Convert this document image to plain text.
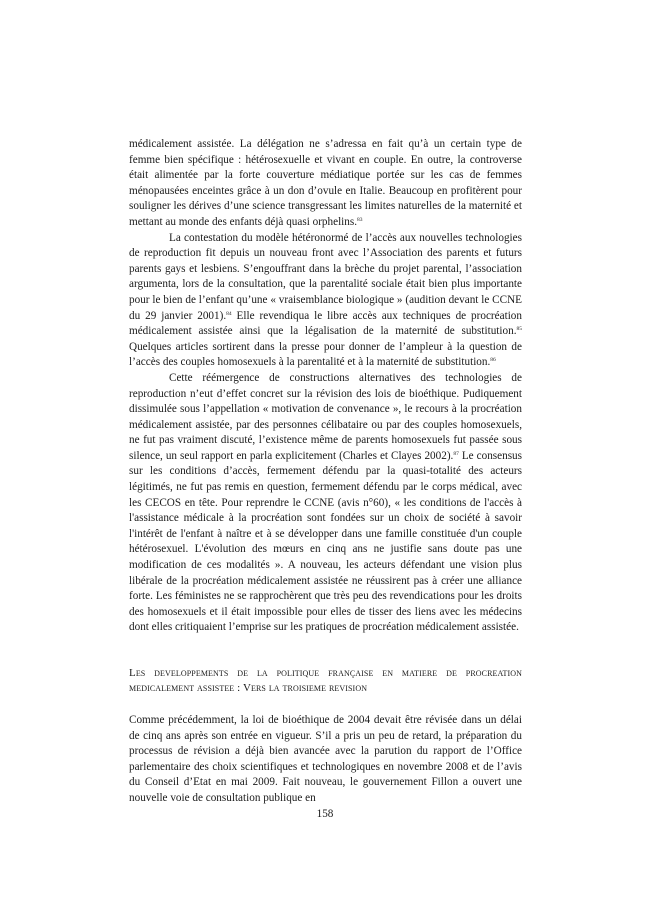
médicalement assistée. La délégation ne s’adressa en fait qu’à un certain type de femme bien spécifique : hétérosexuelle et vivant en couple. En outre, la controverse était alimentée par la forte couverture médiatique portée sur les cas de femmes ménopausées enceintes grâce à un don d’ovule en Italie. Beaucoup en profitèrent pour souligner les dérives d’une science transgressant les limites naturelles de la maternité et mettant au monde des enfants déjà quasi orphelins.$^{83}$

La contestation du modèle hétéronormé de l’accès aux nouvelles technologies de reproduction fit depuis un nouveau front avec l’Association des parents et futurs parents gays et lesbiens. S’engouffrant dans la brèche du projet parental, l’association argumenta, lors de la consultation, que la parentalité sociale était bien plus importante pour le bien de l’enfant qu’une « vraisemblance biologique » (audition devant le CCNE du 29 janvier 2001).$^{84}$ Elle revendiqua le libre accès aux techniques de procréation médicalement assistée ainsi que la légalisation de la maternité de substitution.$^{85}$ Quelques articles sortirent dans la presse pour donner de l’ampleur à la question de l’accès des couples homosexuels à la parentalité et à la maternité de substitution.$^{86}$

Cette réémergence de constructions alternatives des technologies de reproduction n’eut d’effet concret sur la révision des lois de bioéthique. Pudiquement dissimulée sous l’appellation « motivation de convenance », le recours à la procréation médicalement assistée, par des personnes célibataire ou par des couples homosexuels, ne fut pas vraiment discuté, l’existence même de parents homosexuels fut passée sous silence, un seul rapport en parla explicitement (Charles et Clayes 2002).$^{87}$ Le consensus sur les conditions d’accès, fermement défendu par la quasi-totalité des acteurs légitimés, ne fut pas remis en question, fermement défendu par le corps médical, avec les CECOS en tête. Pour reprendre le CCNE (avis n°60), « les conditions de l'accès à l'assistance médicale à la procréation sont fondées sur un choix de société à savoir l'intérêt de l'enfant à naître et à se développer dans une famille constituée d'un couple hétérosexuel. L'évolution des mœurs en cinq ans ne justifie sans doute pas une modification de ces modalités ». A nouveau, les acteurs défendant une vision plus libérale de la procréation médicalement assistée ne réussirent pas à créer une alliance forte. Les féministes ne se rapprochèrent que très peu des revendications pour les droits des homosexuels et il était impossible pour elles de tisser des liens avec les médecins dont elles critiquaient l’emprise sur les pratiques de procréation médicalement assistée.

Les developpements de la politique française en matiere de procreation medicalement assistee : Vers la troisieme revision

Comme précédemment, la loi de bioéthique de 2004 devait être révisée dans un délai de cinq ans après son entrée en vigueur. S’il a pris un peu de retard, la préparation du processus de révision a déjà bien avancée avec la parution du rapport de l’Office parlementaire des choix scientifiques et technologiques en novembre 2008 et de l’avis du Conseil d’Etat en mai 2009. Fait nouveau, le gouvernement Fillon a ouvert une nouvelle voie de consultation publique en

158
